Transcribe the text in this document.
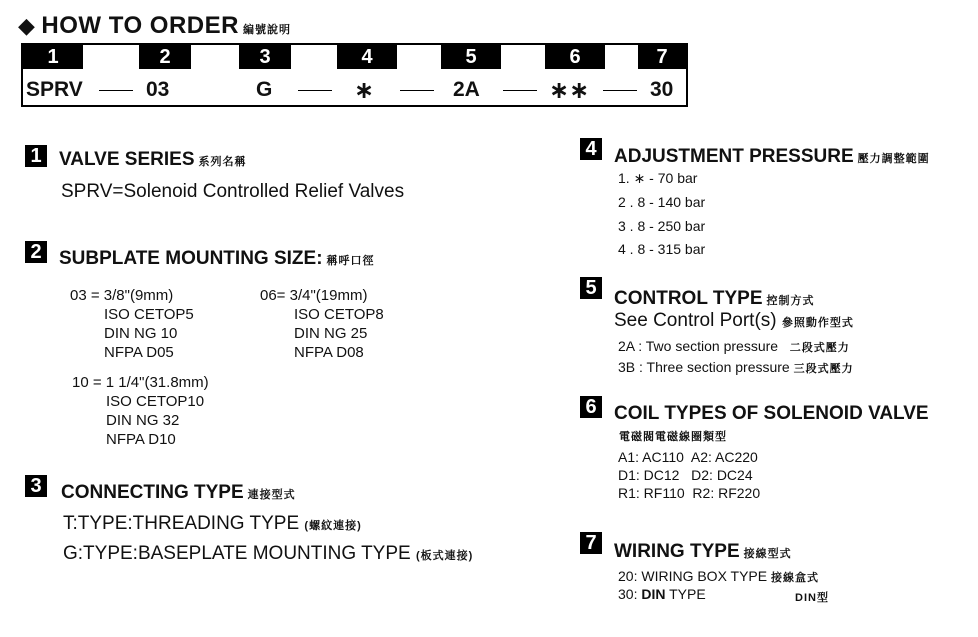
◆ HOW TO ORDER 編號說明
1	2	3	4	5	6	7
SPRV	03	G	∗	2A	∗∗	30
1 VALVE SERIES 系列名稱
SPRV=Solenoid Controlled Relief Valves
2 SUBPLATE MOUNTING SIZE: 稱呼口徑
03 = 3/8"(9mm)
ISO CETOP5
DIN NG 10
NFPA D05
06= 3/4"(19mm)
ISO CETOP8
DIN NG 25
NFPA D08
10 = 1 1/4"(31.8mm)
ISO CETOP10
DIN NG 32
NFPA D10
3 CONNECTING TYPE 連接型式
T:TYPE:THREADING TYPE (螺紋連接)
G:TYPE:BASEPLATE MOUNTING TYPE (板式連接)
4 ADJUSTMENT PRESSURE 壓力調整範圍
1. ∗ - 70 bar
2 . 8 - 140 bar
3 . 8 - 250 bar
4 . 8 - 315 bar
5 CONTROL TYPE 控制方式
See Control Port(s) 參照動作型式
2A : Two section pressure 二段式壓力
3B : Three section pressure 三段式壓力
6 COIL TYPES OF SOLENOID VALVE
電磁閥電磁線圈類型
A1: AC110  A2: AC220
D1: DC12   D2: DC24
R1: RF110  R2: RF220
7 WIRING TYPE 接線型式
20: WIRING BOX TYPE 接線盒式
30: DIN TYPE	DIN型
